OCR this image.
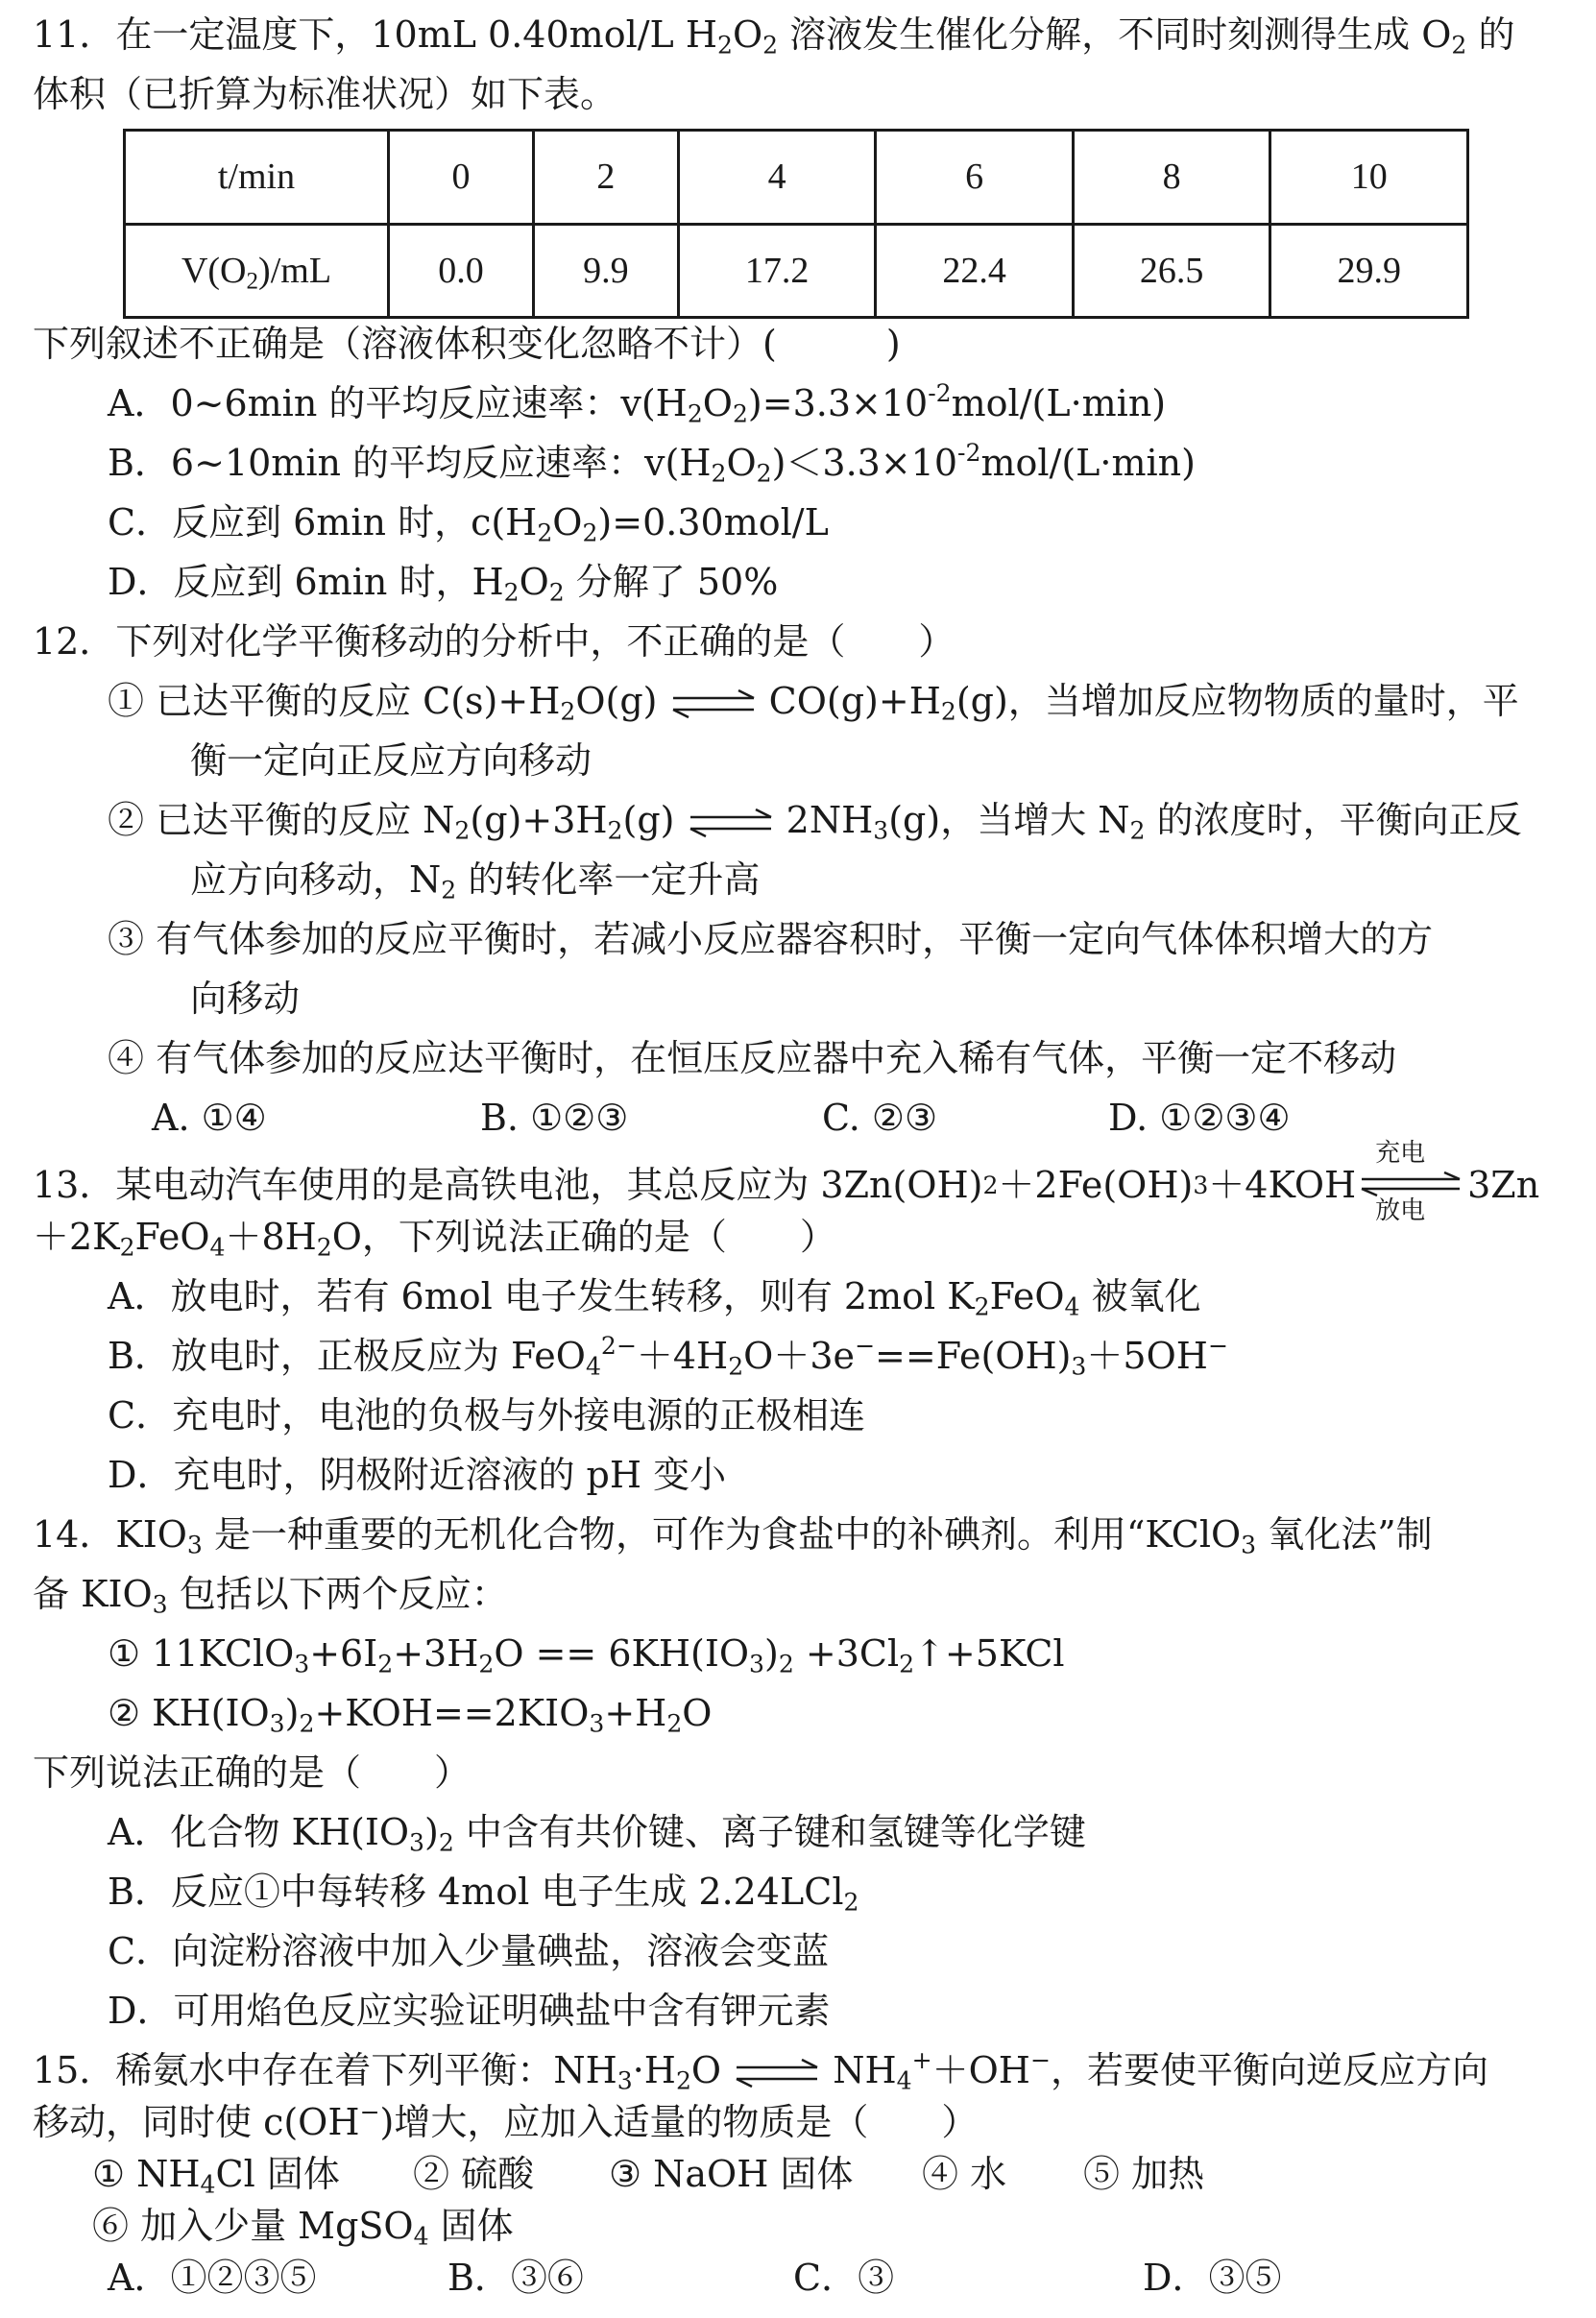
11．在一定温度下，10mL 0.40mol/L $H_2O_2$ 溶液发生催化分解，不同时刻测得生成 $O_2$ 的
体积（已折算为标准状况）如下表。
t/min	0	2	4	6	8	10
$V(O_2)/mL$	0.0	9.9	17.2	22.4	26.5	29.9
下列叙述不正确是（溶液体积变化忽略不计）(　　　)
A．0~6min 的平均反应速率：$v(H_2O_2)=3.3\times 10^{-2}mol/(L\cdot\min)$
B．6~10min 的平均反应速率：$v(H_2O_2)<3.3\times 10^{-2}mol/(L\cdot\min)$
C．反应到 6min 时，$c(H_2O_2)=0.30mol/L$
D．反应到 6min 时，$H_2O_2$ 分解了 50%
12．下列对化学平衡移动的分析中，不正确的是（　　）
① 已达平衡的反应 $C(s)+H_2O(g)$	$CO(g)+H_2(g)$，当增加反应物物质的量时，平
衡一定向正反应方向移动
② 已达平衡的反应 $N_2(g)+3H_2(g)$	$2NH_3(g)$，当增大 $N_2$ 的浓度时，平衡向正反
应方向移动，$N_2$ 的转化率一定升高
③ 有气体参加的反应平衡时，若减小反应器容积时，平衡一定向气体体积增大的方
向移动
④ 有气体参加的反应达平衡时，在恒压反应器中充入稀有气体，平衡一定不移动
A. ①④	B. ①②③	C. ②③	D. ①②③④
13．某电动汽车使用的是高铁电池，其总反应为 3Zn(OH) 2 ＋2Fe(OH) 3 ＋4KOH
充电
放电
3Zn
$+2K_2FeO_4+8H_2O$，下列说法正确的是（　　）
A．放电时，若有 6mol 电子发生转移，则有 2mol $K_2FeO_4$ 被氧化
B．放电时，正极反应为 $FeO_4^{2-}+4H_2O+3e^-==Fe(OH)_3+5OH^-$
C．充电时，电池的负极与外接电源的正极相连
D．充电时，阴极附近溶液的 pH 变小
14．$KIO_3$ 是一种重要的无机化合物，可作为食盐中的补碘剂。利用“KClO$_3$ 氧化法”制
备 $KIO_3$ 包括以下两个反应：
① $11KClO_3+6I_2+3H_2O == 6KH(IO_3)_2$ $+3Cl_2↑+5KCl$
② $KH(IO_3)_2+KOH==2KIO_3+H_2O$
下列说法正确的是（　　）
A．化合物 $KH(IO_3)_2$ 中含有共价键、离子键和氢键等化学键
B．反应①中每转移 4mol 电子生成 2.24LCl$_2$
C．向淀粉溶液中加入少量碘盐，溶液会变蓝
D．可用焰色反应实验证明碘盐中含有钾元素
15．稀氨水中存在着下列平衡：$NH_3\cdot H_2O$	$NH_4^++OH^-$，若要使平衡向逆反应方向
移动，同时使 c(OH−)增大，应加入适量的物质是（　　）
① $NH_4Cl$ 固体 ② 硫酸 ③ NaOH 固体 ④ 水 ⑤ 加热
⑥ 加入少量 MgSO$_4$ 固体
A．①②③⑤	B．③⑥	C．③	D．③⑤
